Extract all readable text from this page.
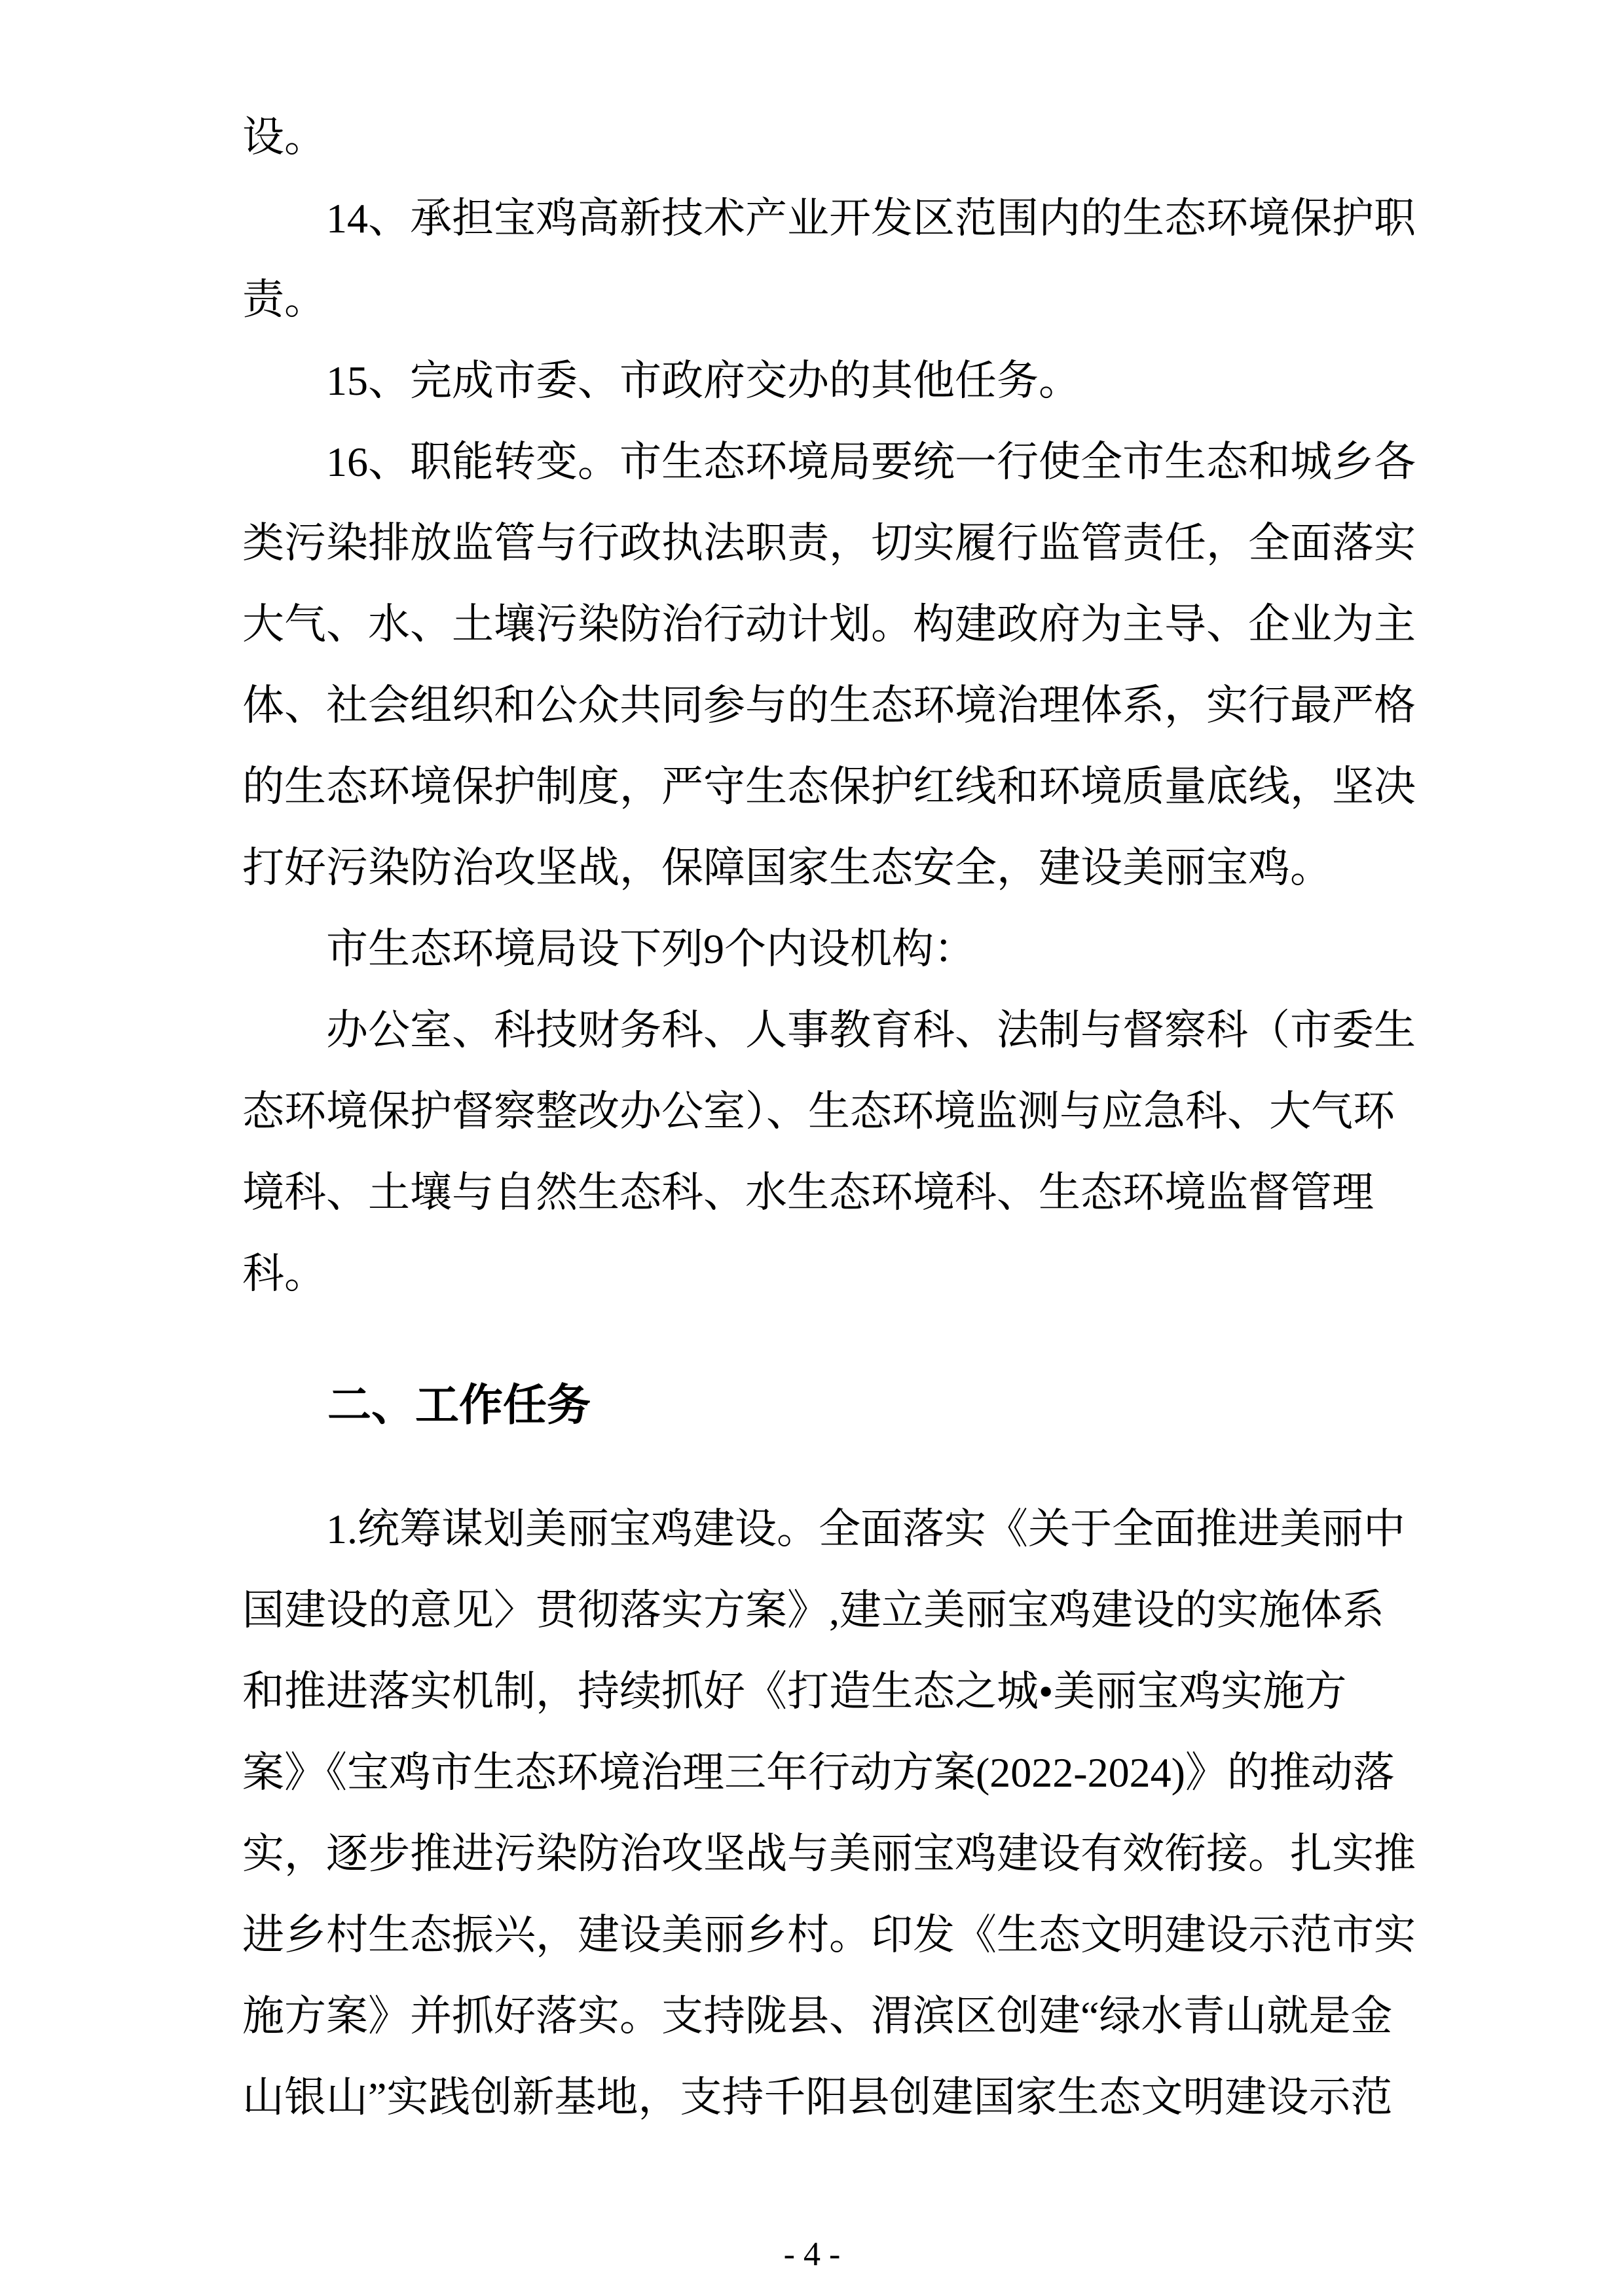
设。
14、承担宝鸡高新技术产业开发区范围内的生态环境保护职
责。
15、完成市委、市政府交办的其他任务。
16、职能转变。市生态环境局要统一行使全市生态和城乡各
类污染排放监管与行政执法职责，切实履行监管责任，全面落实
大气、水、土壤污染防治行动计划。构建政府为主导、企业为主
体、社会组织和公众共同参与的生态环境治理体系，实行最严格
的生态环境保护制度，严守生态保护红线和环境质量底线，坚决
打好污染防治攻坚战，保障国家生态安全，建设美丽宝鸡。
市生态环境局设下列9个内设机构：
办公室、科技财务科、人事教育科、法制与督察科（市委生
态环境保护督察整改办公室）、生态环境监测与应急科、大气环
境科、土壤与自然生态科、水生态环境科、生态环境监督管理
科。
二、工作任务
1.统筹谋划美丽宝鸡建设。全面落实《关于全面推进美丽中
国建设的意见〉贯彻落实方案》,建立美丽宝鸡建设的实施体系
和推进落实机制，持续抓好《打造生态之城•美丽宝鸡实施方
案》《宝鸡市生态环境治理三年行动方案(2022-2024)》的推动落
实，逐步推进污染防治攻坚战与美丽宝鸡建设有效衔接。扎实推
进乡村生态振兴，建设美丽乡村。印发《生态文明建设示范市实
施方案》并抓好落实。支持陇县、渭滨区创建“绿水青山就是金
山银山”实践创新基地，支持千阳县创建国家生态文明建设示范
- 4 -
